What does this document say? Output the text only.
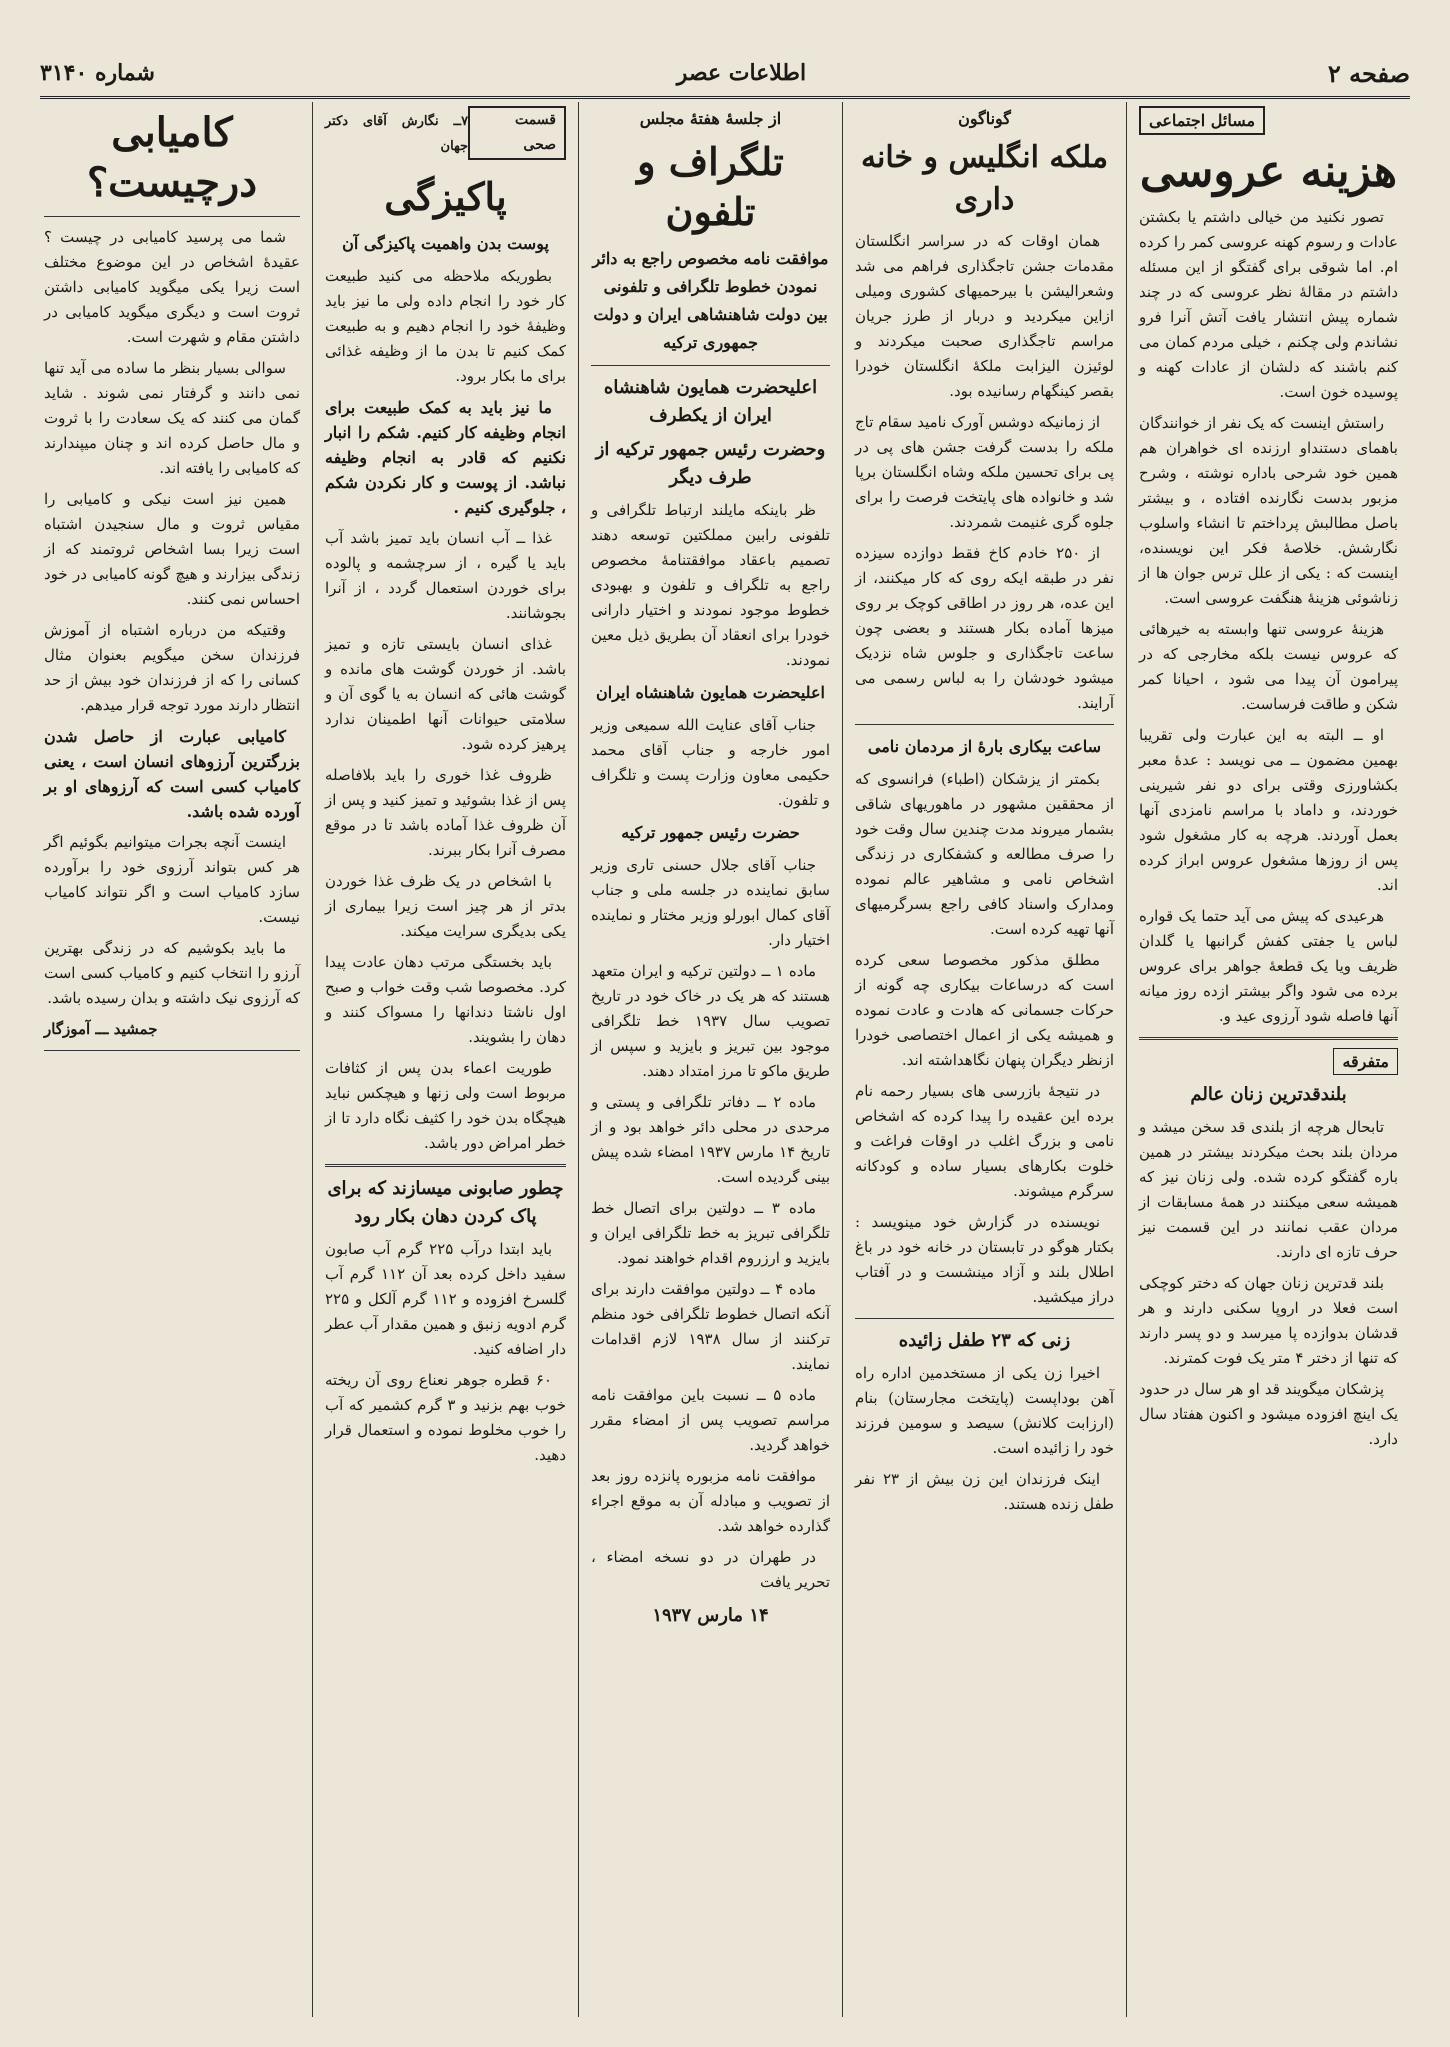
صفحه ۲
اطلاعات عصر
شماره ۳۱۴۰
مسائل اجتماعی
هزینه عروسی

تصور نکنید من خیالی داشتم یا بکشتن عادات و رسوم کهنه عروسی کمر را کرده ام. اما شوقی برای گفتگو از این مسئله داشتم در مقالهٔ نظر عروسی که در چند شماره پیش انتشار یافت آتش آنرا فرو نشاندم ولی چکنم ، خیلی مردم کمان می کنم باشند که دلشان از عادات کهنه و پوسیده خون است.

راستش اینست که یک نفر از خوانندگان باهمای دستنداو ارزنده ای خواهران هم همین خود شرحی باداره نوشته ، وشرح مزبور بدست نگارنده افتاده ، و بیشتر باصل مطالبش پرداختم تا انشاء واسلوب نگارشش. خلاصهٔ فکر این نویسنده، اینست که : یکی از علل ترس جوان ها از زناشوئی هزینهٔ هنگفت عروسی است.

هزینهٔ عروسی تنها وابسته به خیرهائی که عروس نیست بلکه مخارجی که در پیرامون آن پیدا می شود ، احیانا کمر شکن و طاقت فرساست.

او ــ البته به این عبارت ولی تقریبا بهمین مضمون ــ می نویسد : عدهٔ معبر بکشاورزی وقتی برای دو نفر شیرینی خوردند، و داماد با مراسم نامزدی آنها بعمل آوردند. هرچه به کار مشغول شود پس از روزها مشغول عروس ابراز کرده اند.

هرعیدی که پیش می آید حتما یک قواره لباس یا جفتی کفش گرانبها یا گلدان ظریف ویا یک قطعهٔ جواهر برای عروس برده می شود واگر بیشتر ازده روز میانه آنها فاصله شود آرزوی عید و.

متفرقه
بلندقدترین زنان عالم

تابحال هرچه از بلندی قد سخن میشد و مردان بلند بحث میکردند بیشتر در همین باره گفتگو کرده شده. ولی زنان نیز که همیشه سعی میکنند در همهٔ مسابقات از مردان عقب نمانند در این قسمت نیز حرف تازه ای دارند.

بلند قدترین زنان جهان که دختر کوچکی است فعلا در اروپا سکنی دارند و هر قدشان بدوازده پا میرسد و دو پسر دارند که تنها از دختر ۴ متر یک فوت کمترند.

پزشکان میگویند قد او هر سال در حدود یک اینچ افزوده میشود و اکنون هفتاد سال دارد.

گوناگون
ملکه انگلیس و خانه داری

همان اوقات که در سراسر انگلستان مقدمات جشن تاجگذاری فراهم می شد وشعرالیشن با بیرحمیهای کشوری ومیلی ازاین میکردید و دربار از طرز جریان مراسم تاجگذاری صحبت میکردند و لوئیزن الیزابت ملکهٔ انگلستان خودرا بقصر کینگهام رسانیده بود.

از زمانیکه دوشس آورک نامید سقام تاج ملکه را بدست گرفت جشن های پی در پی برای تحسین ملکه وشاه انگلستان برپا شد و خانواده های پایتخت فرصت را برای جلوه گری غنیمت شمردند.

از ۲۵۰ خادم کاخ فقط دوازده سیزده نفر در طبقه ایکه روی که کار میکنند، از این عده، هر روز در اطاقی کوچک بر روی میزها آماده بکار هستند و بعضی چون ساعت تاجگذاری و جلوس شاه نزدیک میشود خودشان را به لباس رسمی می آرایند.

ساعت بیکاری بارهٔ از مردمان نامی

بکمتر از یزشکان (اطباء) فرانسوی که از محققین مشهور در ماهوریهای شاقی بشمار میروند مدت چندین سال وقت خود را صرف مطالعه و کشفکاری در زندگی اشخاص نامی و مشاهیر عالم نموده ومدارک واسناد کافی راجع بسرگرمیهای آنها تهیه کرده است.

مطلق مذکور مخصوصا سعی کرده است که درساعات بیکاری چه گونه از حرکات جسمانی که هادت و عادت نموده و همیشه یکی از اعمال اختصاصی خودرا ازنظر دیگران پنهان نگاهداشته اند.

در نتیجهٔ بازرسی های بسیار رحمه نام برده این عقیده را پیدا کرده که اشخاص نامی و بزرگ اغلب در اوقات فراغت و خلوت بکارهای بسیار ساده و کودکانه سرگرم میشوند.

نویسنده در گزارش خود مینویسد : بکتار هوگو در تابستان در خانه خود در باغ اطلال بلند و آزاد مینشست و در آفتاب دراز میکشید.

زنی که ۲۳ طفل زائیده

اخیرا زن یکی از مستخدمین اداره راه آهن بوداپست (پایتخت مجارستان) بنام (ارزابت کلانش) سیصد و سومین فرزند خود را زائیده است.

اینک فرزندان این زن بیش از ۲۳ نفر طفل زنده هستند.

از جلسهٔ هفتهٔ مجلس
تلگراف و تلفون
موافقت نامه مخصوص راجع به دائر نمودن خطوط تلگرافی و تلفونی بین دولت شاهنشاهی ایران و دولت جمهوری ترکیه
اعلیحضرت همایون شاهنشاه ایران از یکطرف
وحضرت رئیس جمهور ترکیه از طرف دیگر

ظر باینکه مایلند ارتباط تلگرافی و تلفونی رابین مملکتین توسعه دهند تصمیم باعقاد موافقتنامهٔ مخصوص راجع به تلگراف و تلفون و بهبودی خطوط موجود نمودند و اختیار دارانی خودرا برای انعقاد آن بطریق ذیل معین نمودند.

اعلیحضرت همایون شاهنشاه ایران

جناب آقای عنایت الله سمیعی وزیر امور خارجه و جناب آقای محمد حکیمی معاون وزارت پست و تلگراف و تلفون.

حضرت رئیس جمهور ترکیه

جناب آقای جلال حسنی تاری وزیر سابق نماینده در جلسه ملی و جناب آقای کمال ابورلو وزیر مختار و نماینده اختیار دار.

ماده ۱ ــ دولتین ترکیه و ایران متعهد هستند که هر یک در خاک خود در تاریخ تصویب سال ۱۹۳۷ خط تلگرافی موجود بین تبریز و بایزید و سپس از طریق ماکو تا مرز امتداد دهند.

ماده ۲ ــ دفاتر تلگرافی و پستی و مرحدی در محلی دائر خواهد بود و از تاریخ ۱۴ مارس ۱۹۳۷ امضاء شده پیش بینی گردیده است.

ماده ۳ ــ دولتین برای اتصال خط تلگرافی تبریز به خط تلگرافی ایران و بایزید و ارزروم اقدام خواهند نمود.

ماده ۴ ــ دولتین موافقت دارند برای آنکه اتصال خطوط تلگرافی خود منظم ترکنند از سال ۱۹۳۸ لازم اقدامات نمایند.

ماده ۵ ــ نسبت باین موافقت نامه مراسم تصویب پس از امضاء مقرر خواهد گردید.

موافقت نامه مزبوره پانزده روز بعد از تصویب و مبادله آن به موقع اجراء گذارده خواهد شد.

در طهران در دو نسخه امضاء ، تحریر یافت

۱۴ مارس ۱۹۳۷
قسمت صحی
۷ــ نگارش آقای دکتر جهان
پاکیزگی
پوست بدن واهمیت پاکیزگی آن

بطوریکه ملاحظه می کنید طبیعت کار خود را انجام داده ولی ما نیز باید وظیفهٔ خود را انجام دهیم و به طبیعت کمک کنیم تا بدن ما از وظیفه غذائی برای ما بکار برود.

ما نیز باید به کمک طبیعت برای انجام وظیفه کار کنیم. شکم را انبار نکنیم که قادر به انجام وظیفه نباشد. از پوست و کار نکردن شکم ، جلوگیری کنیم .

غذا ــ آب انسان باید تمیز باشد آب باید یا گیره ، از سرچشمه و پالوده برای خوردن استعمال گردد ، از آنرا بجوشانند.

غذای انسان بایستی تازه و تمیز باشد. از خوردن گوشت های مانده و گوشت هائی که انسان به یا گوی آن و سلامتی حیوانات آنها اطمینان ندارد پرهیز کرده شود.

ظروف غذا خوری را باید بلافاصله پس از غذا بشوئید و تمیز کنید و پس از آن ظروف غذا آماده باشد تا در موقع مصرف آنرا بکار ببرند.

با اشخاص در یک ظرف غذا خوردن بدتر از هر چیز است زیرا بیماری از یکی بدیگری سرایت میکند.

باید بخستگی مرتب دهان عادت پیدا کرد. مخصوصا شب وقت خواب و صبح اول ناشتا دندانها را مسواک کنند و دهان را بشویند.

طوریت اعماء بدن پس از کثافات مربوط است ولی زنها و هیچکس نباید هیچگاه بدن خود را کثیف نگاه دارد تا از خطر امراض دور باشد.

چطور صابونی میسازند که برای پاک کردن دهان بکار رود

باید ابتدا درآب ۲۲۵ گرم آب صابون سفید داخل کرده بعد آن ۱۱۲ گرم آب گلسرخ افزوده و ۱۱۲ گرم آلکل و ۲۲۵ گرم ادویه زنبق و همین مقدار آب عطر دار اضافه کنید.

۶۰ قطره جوهر نعناع روی آن ریخته خوب بهم بزنید و ۳ گرم کشمیر که آب را خوب مخلوط نموده و استعمال قرار دهید.

کامیابی درچیست؟

شما می پرسید کامیابی در چیست ؟ عقیدهٔ اشخاص در این موضوع مختلف است زیرا یکی میگوید کامیابی داشتن ثروت است و دیگری میگوید کامیابی در داشتن مقام و شهرت است.

سوالی بسیار بنظر ما ساده می آید تنها نمی دانند و گرفتار نمی شوند . شاید گمان می کنند که یک سعادت را با ثروت و مال حاصل کرده اند و چنان میپندارند که کامیابی را یافته اند.

همین نیز است نیکی و کامیابی را مقیاس ثروت و مال سنجیدن اشتباه است زیرا بسا اشخاص ثروتمند که از زندگی بیزارند و هیچ گونه کامیابی در خود احساس نمی کنند.

وقتیکه من درباره اشتباه از آموزش فرزندان سخن میگویم بعنوان مثال کسانی را که از فرزندان خود بیش از حد انتظار دارند مورد توجه قرار میدهم.

کامیابی عبارت از حاصل شدن بزرگترین آرزوهای انسان است ، یعنی کامیاب کسی است که آرزوهای او بر آورده شده باشد.

اینست آنچه بجرات میتوانیم بگوئیم اگر هر کس بتواند آرزوی خود را برآورده سازد کامیاب است و اگر نتواند کامیاب نیست.

ما باید بکوشیم که در زندگی بهترین آرزو را انتخاب کنیم و کامیاب کسی است که آرزوی نیک داشته و بدان رسیده باشد.

جمشید ـــ آموزگار
